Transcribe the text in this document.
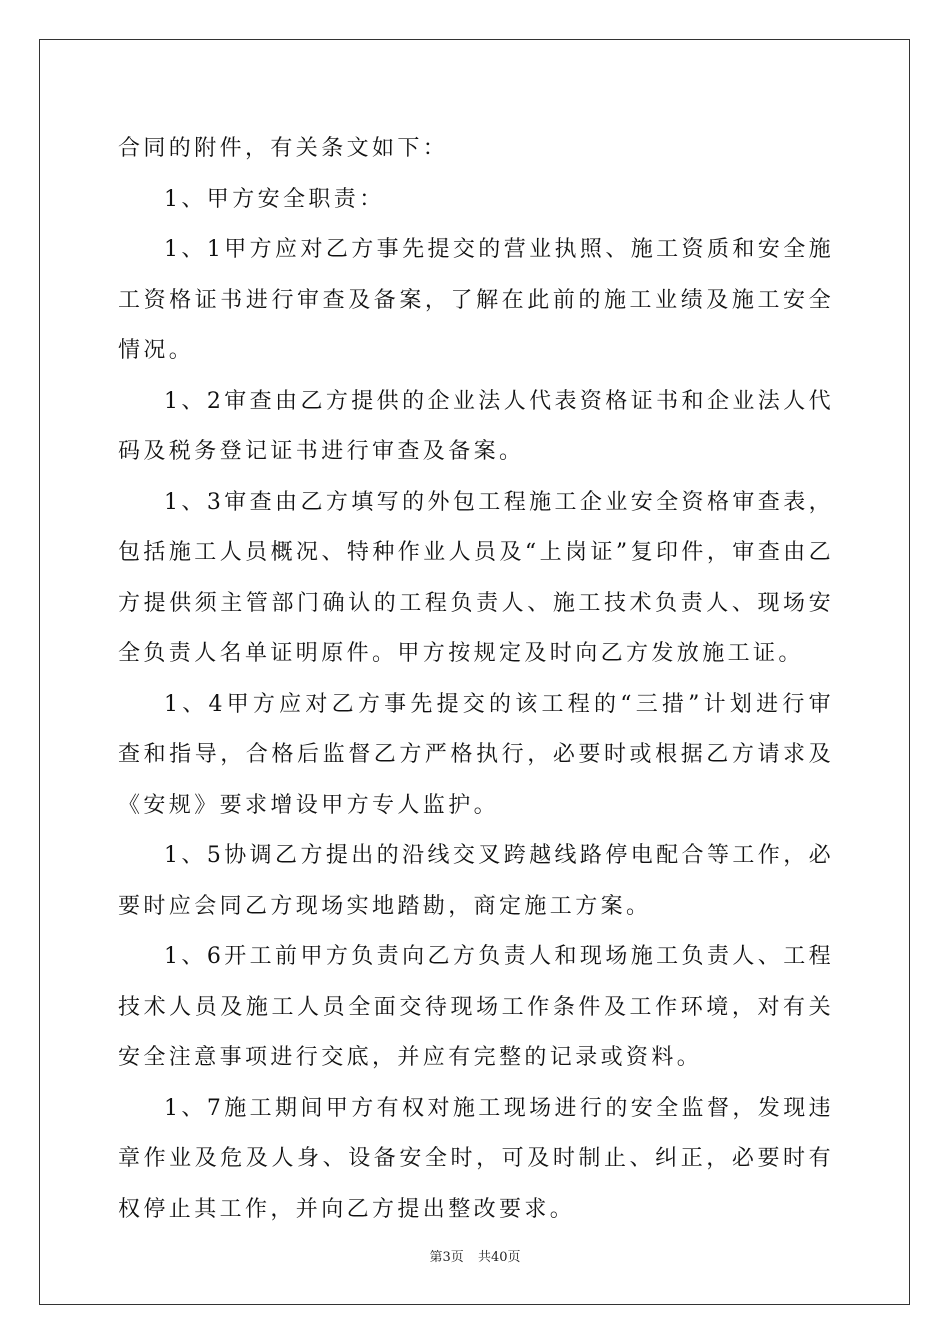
合同的附件，有关条文如下：

1、甲方安全职责：

1、1甲方应对乙方事先提交的营业执照、施工资质和安全施工资格证书进行审查及备案，了解在此前的施工业绩及施工安全情况。

1、2审查由乙方提供的企业法人代表资格证书和企业法人代码及税务登记证书进行审查及备案。

1、3审查由乙方填写的外包工程施工企业安全资格审查表，包括施工人员概况、特种作业人员及“上岗证”复印件，审查由乙方提供须主管部门确认的工程负责人、施工技术负责人、现场安全负责人名单证明原件。甲方按规定及时向乙方发放施工证。

1、4甲方应对乙方事先提交的该工程的“三措”计划进行审查和指导，合格后监督乙方严格执行，必要时或根据乙方请求及《安规》要求增设甲方专人监护。

1、5协调乙方提出的沿线交叉跨越线路停电配合等工作，必要时应会同乙方现场实地踏勘，商定施工方案。

1、6开工前甲方负责向乙方负责人和现场施工负责人、工程技术人员及施工人员全面交待现场工作条件及工作环境，对有关安全注意事项进行交底，并应有完整的记录或资料。

1、7施工期间甲方有权对施工现场进行的安全监督，发现违章作业及危及人身、设备安全时，可及时制止、纠正，必要时有权停止其工作，并向乙方提出整改要求。

第3页 共40页
